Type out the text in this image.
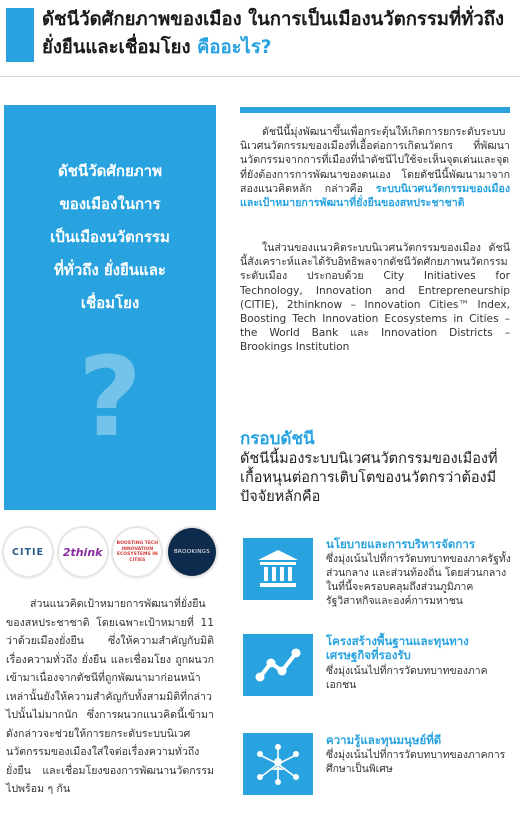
ดัชนีวัดศักยภาพของเมือง ในการเป็นเมืองนวัตกรรมที่ทั่วถึง ยั่งยืนและเชื่อมโยง คืออะไร?
ดัชนีวัดศักยภาพ
ของเมืองในการ
เป็นเมืองนวัตกรรม
ที่ทั่วถึง ยั่งยืนและ
เชื่อมโยง
?

ดัชนีนี้มุ่งพัฒนาขึ้นเพื่อกระตุ้นให้เกิดการยกระดับระบบนิเวศนวัตกรรมของเมืองที่เอื้อต่อการเกิดนวัตกร ที่พัฒนานวัตกรรมจากการที่เมืองที่นำดัชนีไปใช้จะเห็นจุดเด่นและจุดที่ยังต้องการการพัฒนาของตนเอง โดยดัชนีนี้พัฒนามาจากสองแนวคิดหลัก กล่าวคือ ระบบนิเวศนวัตกรรมของเมือง และเป้าหมายการพัฒนาที่ยั่งยืนของสหประชาชาติ

ในส่วนของแนวคิดระบบนิเวศนวัตกรรมของเมือง ดัชนีนี้สังเคราะห์และได้รับอิทธิพลจากดัชนีวัดศักยภาพนวัตกรรมระดับเมือง ประกอบด้วย City Initiatives for Technology, Innovation and Entrepreneurship (CITIE), 2thinknow – Innovation Cities™ Index, Boosting Tech Innovation Ecosystems in Cities – the World Bank และ Innovation Districts – Brookings Institution

กรอบดัชนี

ดัชนีนี้มองระบบนิเวศนวัตกรรมของเมืองที่เกื้อหนุนต่อการเติบโตของนวัตกรว่าต้องมีปัจจัยหลักคือ

CITIE 2think
BOOSTING TECH INNOVATION ECOSYSTEMS IN CITIES
BROOKINGS

ส่วนแนวคิดเป้าหมายการพัฒนาที่ยั่งยืนของสหประชาชาติ โดยเฉพาะเป้าหมายที่ 11 ว่าด้วยเมืองยั่งยืน ซึ่งให้ความสำคัญกับมิติเรื่องความทั่วถึง ยั่งยืน และเชื่อมโยง ถูกผนวกเข้ามาเนื่องจากดัชนีที่ถูกพัฒนามาก่อนหน้าเหล่านั้นยังให้ความสำคัญกับทั้งสามมิติที่กล่าวไปนั้นไม่มากนัก ซึ่งการผนวกแนวคิดนี้เข้ามาดังกล่าวจะช่วยให้การยกระดับระบบนิเวศนวัตกรรมของเมืองใส่ใจต่อเรื่องความทั่วถึง ยั่งยืน และเชื่อมโยงของการพัฒนานวัตกรรมไปพร้อม ๆ กัน

นโยบายและการบริหารจัดการ

ซึ่งมุ่งเน้นไปที่การวัดบทบาทของภาครัฐทั้งส่วนกลาง และส่วนท้องถิ่น โดยส่วนกลางในที่นี้จะครอบคลุมถึงส่วนภูมิภาครัฐวิสาหกิจและองค์การมหาชน

โครงสร้างพื้นฐานและทุนทางเศรษฐกิจที่รองรับ

ซึ่งมุ่งเน้นไปที่การวัดบทบาทของภาคเอกชน

ความรู้และทุนมนุษย์ที่ดี

ซึ่งมุ่งเน้นไปที่การวัดบทบาทของภาคการศึกษาเป็นพิเศษ
